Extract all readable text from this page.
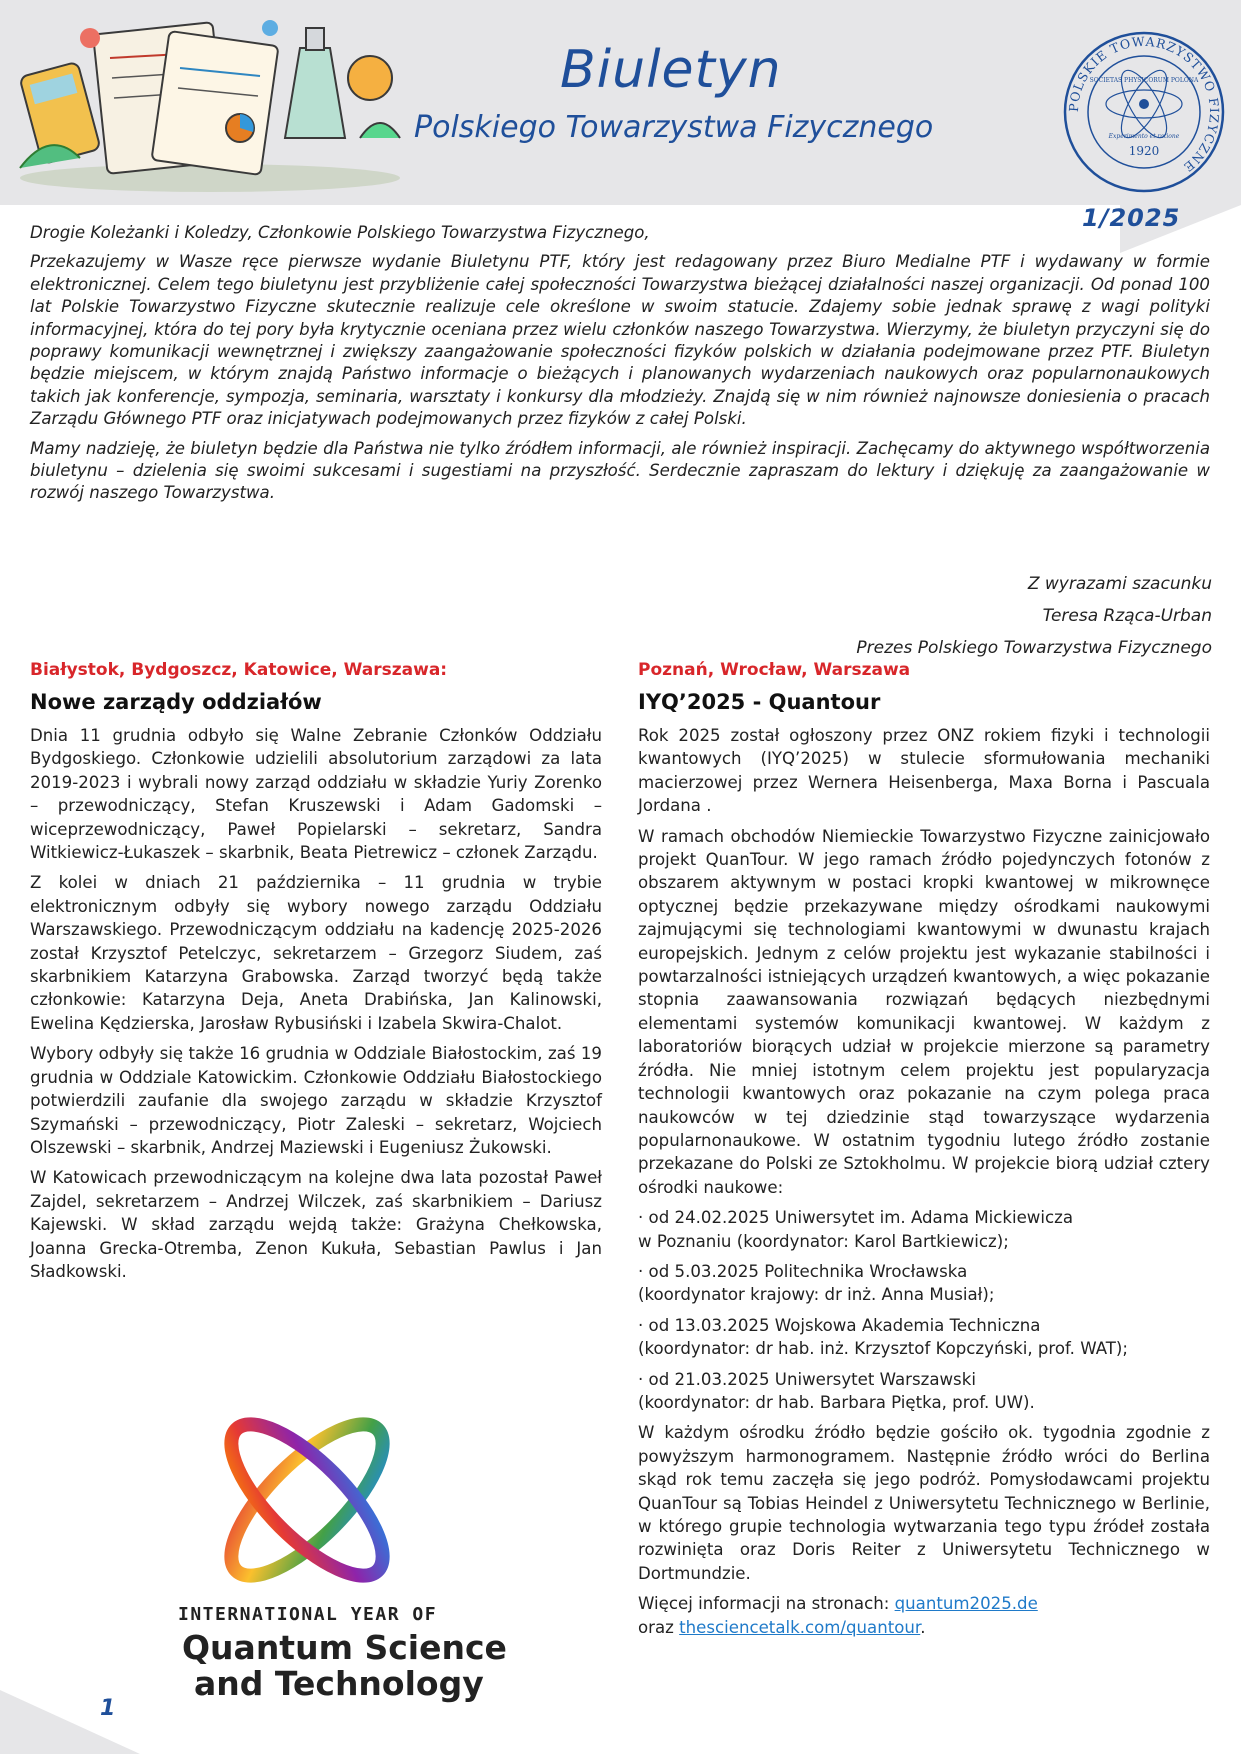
Biuletyn
Polskiego Towarzystwa Fizycznego
POLSKIE TOWARZYSTWO FIZYCZNE
SOCIETAS PHYSICORUM POLONA
Experimento et ratione
1920
1/2025

Drogie Koleżanki i Koledzy, Członkowie Polskiego Towarzystwa Fizycznego,

Przekazujemy w Wasze ręce pierwsze wydanie Biuletynu PTF, który jest redagowany przez Biuro Medialne PTF i wydawany w formie elektronicznej. Celem tego biuletynu jest przybliżenie całej społeczności Towarzystwa bieżącej działalności naszej organizacji. Od ponad 100 lat Polskie Towarzystwo Fizyczne skutecznie realizuje cele określone w swoim statucie. Zdajemy sobie jednak sprawę z wagi polityki informacyjnej, która do tej pory była krytycznie oceniana przez wielu członków naszego Towarzystwa. Wierzymy, że biuletyn przyczyni się do poprawy komunikacji wewnętrznej i zwiększy zaangażowanie społeczności fizyków polskich w działania podejmowane przez PTF. Biuletyn będzie miejscem, w którym znajdą Państwo informacje o bieżących i planowanych wydarzeniach naukowych oraz popularnonaukowych takich jak konferencje, sympozja, seminaria, warsztaty i konkursy dla młodzieży. Znajdą się w nim również najnowsze doniesienia o pracach Zarządu Głównego PTF oraz inicjatywach podejmowanych przez fizyków z całej Polski.

Mamy nadzieję, że biuletyn będzie dla Państwa nie tylko źródłem informacji, ale również inspiracji. Zachęcamy do aktywnego współtworzenia biuletynu – dzielenia się swoimi sukcesami i sugestiami na przyszłość. Serdecznie zapraszam do lektury i dziękuję za zaangażowanie w rozwój naszego Towarzystwa.

Z wyrazami szacunku
Teresa Rząca-Urban
Prezes Polskiego Towarzystwa Fizycznego
Białystok, Bydgoszcz, Katowice, Warszawa:
Nowe zarządy oddziałów

Dnia 11 grudnia odbyło się Walne Zebranie Członków Oddziału Bydgoskiego. Członkowie udzielili absolutorium zarządowi za lata 2019-2023 i wybrali nowy zarząd oddziału w składzie Yuriy Zorenko – przewodniczący, Stefan Kruszewski i Adam Gadomski – wiceprzewodniczący, Paweł Popielarski – sekretarz, Sandra Witkiewicz-Łukaszek – skarbnik, Beata Pietrewicz – członek Zarządu.

Z kolei w dniach 21 października – 11 grudnia w trybie elektronicznym odbyły się wybory nowego zarządu Oddziału Warszawskiego. Przewodniczącym oddziału na kadencję 2025-2026 został Krzysztof Petelczyc, sekretarzem – Grzegorz Siudem, zaś skarbnikiem Katarzyna Grabowska. Zarząd tworzyć będą także członkowie: Katarzyna Deja, Aneta Drabińska, Jan Kalinowski, Ewelina Kędzierska, Jarosław Rybusiński i Izabela Skwira-Chalot.

Wybory odbyły się także 16 grudnia w Oddziale Białostockim, zaś 19 grudnia w Oddziale Katowickim. Członkowie Oddziału Białostockiego potwierdzili zaufanie dla swojego zarządu w składzie Krzysztof Szymański – przewodniczący, Piotr Zaleski – sekretarz, Wojciech Olszewski – skarbnik, Andrzej Maziewski i Eugeniusz Żukowski.

W Katowicach przewodniczącym na kolejne dwa lata pozostał Paweł Zajdel, sekretarzem – Andrzej Wilczek, zaś skarbnikiem – Dariusz Kajewski. W skład zarządu wejdą także: Grażyna Chełkowska, Joanna Grecka-Otremba, Zenon Kukuła, Sebastian Pawlus i Jan Sładkowski.

INTERNATIONAL YEAR OF
Quantum Science
and Technology
Poznań, Wrocław, Warszawa
IYQ’2025 - Quantour

Rok 2025 został ogłoszony przez ONZ rokiem fizyki i technologii kwantowych (IYQ’2025) w stulecie sformułowania mechaniki macierzowej przez Wernera Heisenberga, Maxa Borna i Pascuala Jordana .

W ramach obchodów Niemieckie Towarzystwo Fizyczne zainicjowało projekt QuanTour. W jego ramach źródło pojedynczych fotonów z obszarem aktywnym w postaci kropki kwantowej w mikrownęce optycznej będzie przekazywane między ośrodkami naukowymi zajmującymi się technologiami kwantowymi w dwunastu krajach europejskich. Jednym z celów projektu jest wykazanie stabilności i powtarzalności istniejących urządzeń kwantowych, a więc pokazanie stopnia zaawansowania rozwiązań będących niezbędnymi elementami systemów komunikacji kwantowej. W każdym z laboratoriów biorących udział w projekcie mierzone są parametry źródła. Nie mniej istotnym celem projektu jest popularyzacja technologii kwantowych oraz pokazanie na czym polega praca naukowców w tej dziedzinie stąd towarzyszące wydarzenia popularnonaukowe. W ostatnim tygodniu lutego źródło zostanie przekazane do Polski ze Sztokholmu. W projekcie biorą udział cztery ośrodki naukowe:

· od 24.02.2025 Uniwersytet im. Adama Mickiewicza
w Poznaniu (koordynator: Karol Bartkiewicz);

· od 5.03.2025 Politechnika Wrocławska
(koordynator krajowy: dr inż. Anna Musiał);

· od 13.03.2025 Wojskowa Akademia Techniczna
(koordynator: dr hab. inż. Krzysztof Kopczyński, prof. WAT);

· od 21.03.2025 Uniwersytet Warszawski
(koordynator: dr hab. Barbara Piętka, prof. UW).

W każdym ośrodku źródło będzie gościło ok. tygodnia zgodnie z powyższym harmonogramem. Następnie źródło wróci do Berlina skąd rok temu zaczęła się jego podróż. Pomysłodawcami projektu QuanTour są Tobias Heindel z Uniwersytetu Technicznego w Berlinie, w którego grupie technologia wytwarzania tego typu źródeł została rozwinięta oraz Doris Reiter z Uniwersytetu Technicznego w Dortmundzie.

Więcej informacji na stronach: quantum2025.de
oraz thesciencetalk.com/quantour.

1
